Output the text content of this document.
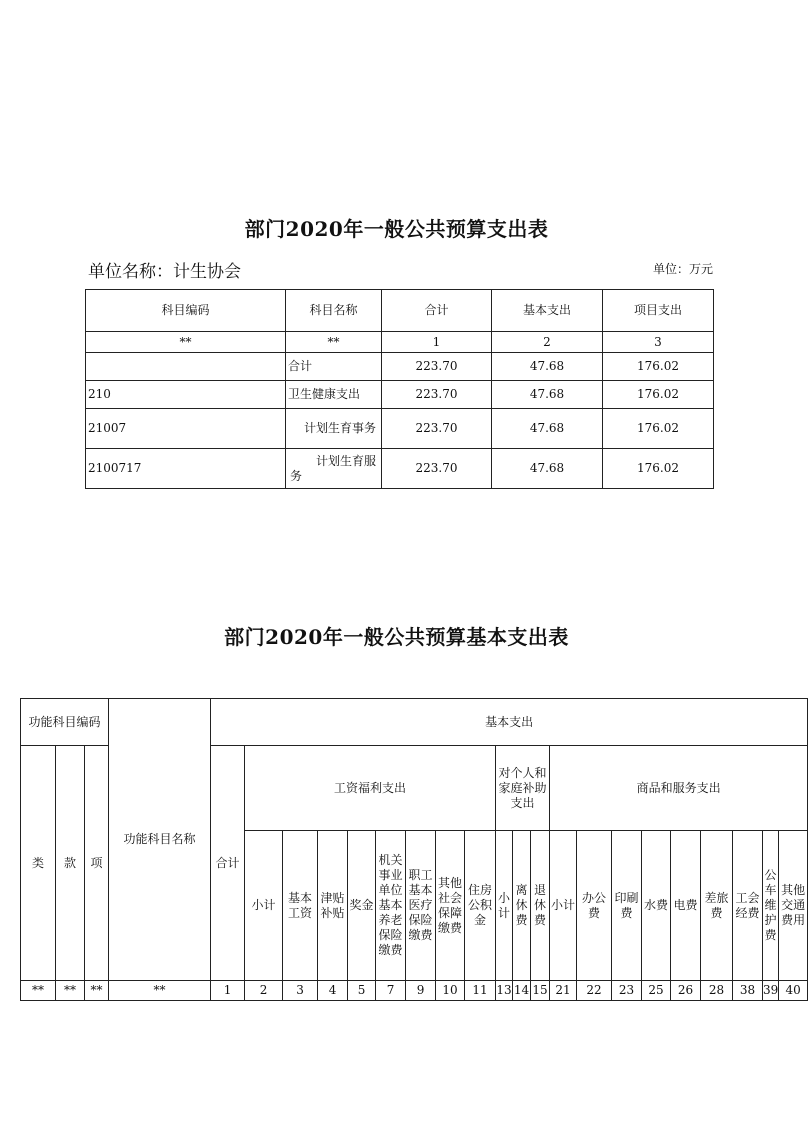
部门2020年一般公共预算支出表
单位名称：计生协会	单位：万元
科目编码	科目名称	合计	基本支出	项目支出
**	**	1	2	3
	合计	223.70	47.68	176.02
210	卫生健康支出	223.70	47.68	176.02
21007	计划生育事务	223.70	47.68	176.02
2100717	计划生育服务	223.70	47.68	176.02
部门2020年一般公共预算基本支出表
功能科目编码			功能科目名称	基本支出																				
类	款	项		合计	工资福利支出								对个人和家庭补助支出			商品和服务支出								
					小计	基本工资	津贴补贴	奖金	机关事业单位基本养老保险缴费	职工基本医疗保险缴费	其他社会保障缴费	住房公积金	小计	离休费	退休费	小计	办公费	印刷费	水费	电费	差旅费	工会经费	公车维护费	其他交通费用
**	**	**	**	1	2	3	4	5	7	9	10	11	13	14	15	21	22	23	25	26	28	38	39	40
